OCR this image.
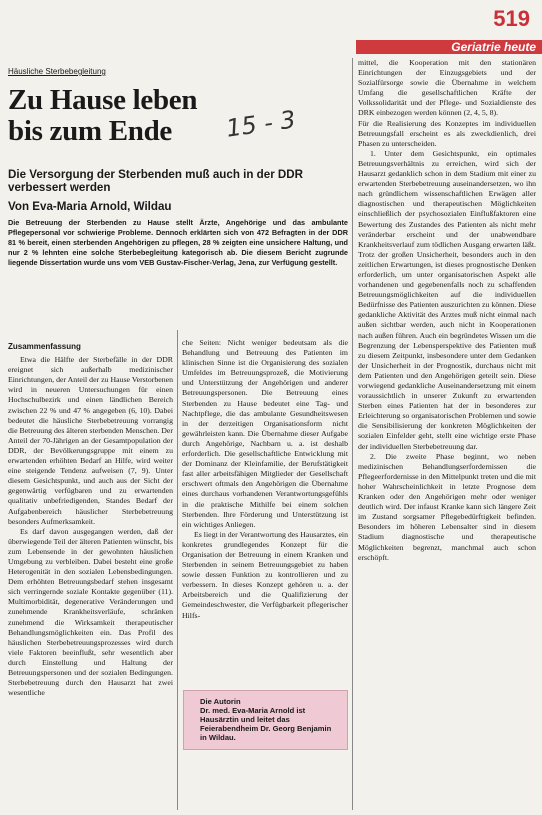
519
Geriatrie heute
Häusliche Sterbebegleitung
Zu Hause leben
bis zum Ende	15 - 3
Die Versorgung der Sterbenden muß auch in der DDR
verbessert werden
Von Eva-Maria Arnold, Wildau
Die Betreuung der Sterbenden zu Hause stellt Ärzte, Angehörige und das ambulante Pflegepersonal vor schwierige Probleme. Dennoch erklärten sich von 472 Befragten in der DDR 81 % bereit, einen sterbenden Angehörigen zu pflegen, 28 % zeigten eine unsichere Haltung, und nur 2 % lehnten eine solche Sterbebegleitung kategorisch ab. Die diesem Bericht zugrunde liegende Dissertation wurde uns vom VEB Gustav-Fischer-Verlag, Jena, zur Verfügung gestellt.

Zusammenfassung

Etwa die Hälfte der Sterbefälle in der DDR ereignet sich außerhalb medizinischer Einrichtungen, der Anteil der zu Hause Verstorbenen wird in neueren Untersuchungen für einen Hochschulbezirk und einen ländlichen Bereich zwischen 22 % und 47 % angegeben (6, 10). Dabei bedeutet die häusliche Sterbebetreuung vorrangig die Betreuung des älteren sterbenden Menschen. Der Anteil der 70-Jährigen an der Gesamtpopulation der DDR, der Bevölkerungsgruppe mit einem zu erwartenden erhöhten Bedarf an Hilfe, wird weiter eine steigende Tendenz aufweisen (7, 9). Unter diesem Gesichtspunkt, und auch aus der Sicht der gegenwärtig verfügbaren und zu erwartenden qualitativ unbefriedigenden, Standes Bedarf der Aufgabenbereich häuslicher Sterbebetreuung besonders Aufmerksamkeit.

Es darf davon ausgegangen werden, daß der überwiegende Teil der älteren Patienten wünscht, bis zum Lebensende in der gewohnten häuslichen Umgebung zu verbleiben. Dabei besteht eine große Heterogenität in den sozialen Lebensbedingungen. Dem erhöhten Betreuungsbedarf stehen insgesamt sich verringernde soziale Kontakte gegenüber (11). Multimorbidität, degenerative Veränderungen und zunehmende Krankheitsverläufe, schränken zunehmend die Wirksamkeit therapeutischer Behandlungsmöglichkeiten ein. Das Profil des häuslichen Sterbebetreuungsprozesses wird durch viele Faktoren beeinflußt, sehr wesentlich aber durch Einstellung und Haltung der Betreuungspersonen und der sozialen Bedingungen. Sterbebetreuung durch den Hausarzt hat zwei wesentliche

che Seiten: Nicht weniger bedeutsam als die Behandlung und Betreuung des Patienten im klinischen Sinne ist die Organisierung des sozialen Umfeldes im Betreuungsprozeß, die Motivierung und Unterstützung der Angehörigen und anderer Betreuungspersonen. Die Betreuung eines Sterbenden zu Hause bedeutet eine Tag- und Nachtpflege, die das ambulante Gesundheitswesen in der derzeitigen Organisationsform nicht gewährleisten kann. Die Übernahme dieser Aufgabe durch Angehörige, Nachbarn u. a. ist deshalb erforderlich. Die gesellschaftliche Entwicklung mit der Dominanz der Kleinfamilie, der Berufstätigkeit fast aller arbeitsfähigen Mitglieder der Gesellschaft erschwert oftmals den Angehörigen die Übernahme eines durchaus vorhandenen Verantwortungsgefühls in die praktische Mithilfe bei einem solchen Sterbenden. Ihre Förderung und Unterstützung ist ein wichtiges Anliegen.

Es liegt in der Verantwortung des Hausarztes, ein konkretes grundlegendes Konzept für die Organisation der Betreuung in einem Kranken und Sterbenden in seinem Betreuungsgebiet zu haben sowie dessen Funktion zu kontrollieren und zu verbessern. In dieses Konzept gehören u. a. der Arbeitsbereich und die Qualifizierung der Gemeindeschwester, die Verfügbarkeit pflegerischer Hilfs-

Die Autorin
Dr. med. Eva-Maria Arnold ist Hausärztin und leitet das Feierabendheim Dr. Georg Benjamin in Wildau.

mittel, die Kooperation mit den stationären Einrichtungen der Einzugsgebiets und der Sozialfürsorge sowie die Übernahme in welchem Umfang die gesellschaftlichen Kräfte der Volkssolidarität und der Pflege- und Sozialdienste des DRK einbezogen werden können (2, 4, 5, 8).

Für die Realisierung des Konzeptes im individuellen Betreuungsfall erscheint es als zweckdienlich, drei Phasen zu unterscheiden.

1. Unter dem Gesichtspunkt, ein optimales Betreuungsverhältnis zu erreichen, wird sich der Hausarzt gedanklich schon in dem Stadium mit einer zu erwartenden Sterbebetreuung auseinandersetzen, wo ihn nach gründlichem wissenschaftlichen Erwägen aller diagnostischen und therapeutischen Möglichkeiten einschließlich der psychosozialen Einflußfaktoren eine Bewertung des Zustandes des Patienten als nicht mehr veränderbar erscheint und der unabwendbare Krankheitsverlauf zum tödlichen Ausgang erwarten läßt. Trotz der großen Unsicherheit, besonders auch in den zeitlichen Erwartungen, ist dieses prognostische Denken erforderlich, um unter organisatorischen Aspekt alle vorhandenen und gegebenenfalls noch zu schaffenden Betreuungsmöglichkeiten auf die individuellen Bedürfnisse des Patienten auszurichten zu können. Diese gedankliche Aktivität des Arztes muß nicht einmal nach außen sichtbar werden, auch nicht in Kooperationen nach außen führen. Auch ein begründetes Wissen um die Begrenzung der Lebensperspektive des Patienten muß zu diesem Zeitpunkt, insbesondere unter dem Gedanken der Unsicherheit in der Prognostik, durchaus nicht mit dem Patienten und den Angehörigen geteilt sein. Diese vorwiegend gedankliche Auseinandersetzung mit einem voraussichtlich in unserer Zukunft zu erwartenden Sterben eines Patienten hat der in besonderes zur Erleichterung so organisatorischen Problemen und sowie die Sensibilisierung der konkreten Möglichkeiten der sozialen Einfelder geht, stellt eine wichtige erste Phase der individuellen Sterbebetreuung dar.

2. Die zweite Phase beginnt, wo neben medizinischen Behandlungserfordernissen die Pflegeerfordernisse in den Mittelpunkt treten und die mit hoher Wahrscheinlichkeit in letzte Prognose dem Kranken oder den Angehörigen mehr oder weniger deutlich wird. Der infaust Kranke kann sich längere Zeit im Zustand sorgsamer Pflegebedürftigkeit befinden. Besonders im höheren Lebensalter sind in diesem Stadium diagnostische und therapeutische Möglichkeiten begrenzt, manchmal auch schon erschöpft.
